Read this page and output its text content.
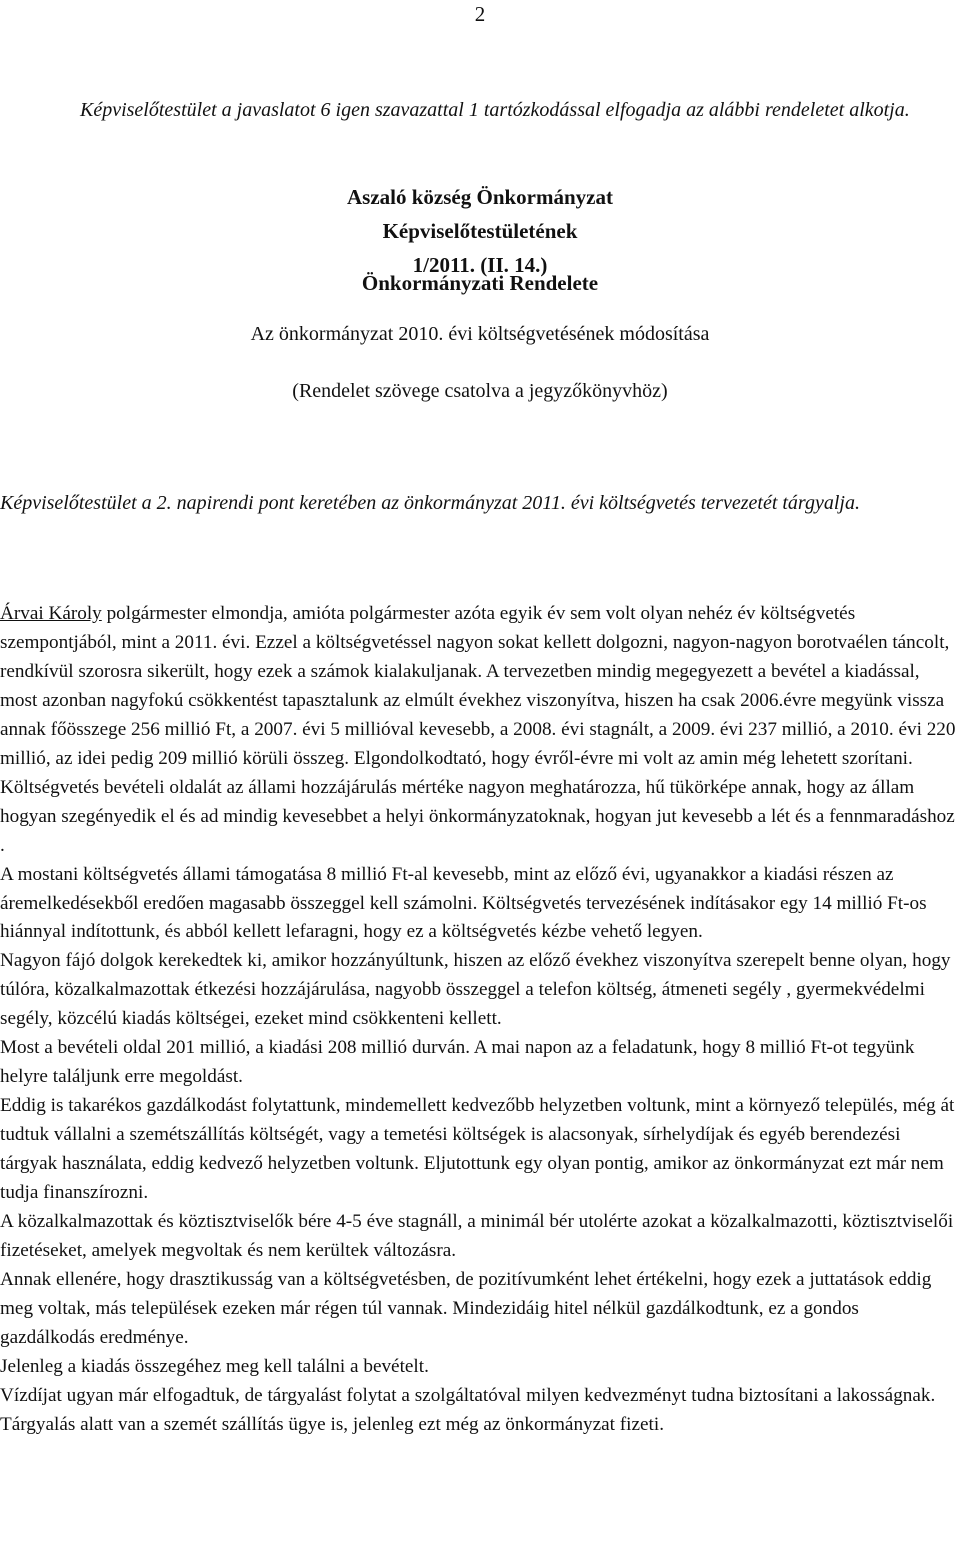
2
Képviselőtestület a javaslatot 6 igen szavazattal 1 tartózkodással elfogadja az alábbi rendeletet alkotja.
Aszaló község Önkormányzat
Képviselőtestületének
1/2011. (II. 14.)
Önkormányzati Rendelete
Az önkormányzat 2010. évi költségvetésének módosítása
(Rendelet szövege csatolva a jegyzőkönyvhöz)
Képviselőtestület a 2. napirendi pont keretében az önkormányzat 2011. évi költségvetés tervezetét tárgyalja.

Árvai Károly polgármester elmondja, amióta polgármester azóta egyik év sem volt olyan nehéz év költségvetés szempontjából, mint a 2011. évi. Ezzel a költségvetéssel nagyon sokat kellett dolgozni, nagyon-nagyon borotvaélen táncolt, rendkívül szorosra sikerült, hogy ezek a számok kialakuljanak. A tervezetben mindig megegyezett a bevétel a kiadással, most azonban nagyfokú csökkentést tapasztalunk az elmúlt évekhez viszonyítva, hiszen ha csak 2006.évre megyünk vissza annak főösszege 256 millió Ft, a 2007. évi 5 millióval kevesebb, a 2008. évi stagnált, a 2009. évi 237 millió, a 2010. évi 220 millió, az idei pedig 209 millió körüli összeg. Elgondolkodtató, hogy évről-évre mi volt az amin még lehetett szorítani.

Költségvetés bevételi oldalát az állami hozzájárulás mértéke nagyon meghatározza, hű tükörképe annak, hogy az állam hogyan szegényedik el és ad mindig kevesebbet a helyi önkormányzatoknak, hogyan jut kevesebb a lét és a fennmaradáshoz .

A mostani költségvetés állami támogatása 8 millió Ft-al kevesebb, mint az előző évi, ugyanakkor a kiadási részen az áremelkedésekből eredően magasabb összeggel kell számolni. Költségvetés tervezésének indításakor egy 14 millió Ft-os hiánnyal indítottunk, és abból kellett lefaragni, hogy ez a költségvetés kézbe vehető legyen.

Nagyon fájó dolgok kerekedtek ki, amikor hozzányúltunk, hiszen az előző évekhez viszonyítva szerepelt benne olyan, hogy túlóra, közalkalmazottak étkezési hozzájárulása, nagyobb összeggel a telefon költség, átmeneti segély , gyermekvédelmi segély, közcélú kiadás költségei, ezeket mind csökkenteni kellett.

Most a bevételi oldal 201 millió, a kiadási 208 millió durván. A mai napon az a feladatunk, hogy 8 millió Ft-ot tegyünk helyre találjunk erre megoldást.

Eddig is takarékos gazdálkodást folytattunk, mindemellett kedvezőbb helyzetben voltunk, mint a környező település, még át tudtuk vállalni a szemétszállítás költségét, vagy a temetési költségek is alacsonyak, sírhelydíjak és egyéb berendezési tárgyak használata, eddig kedvező helyzetben voltunk. Eljutottunk egy olyan pontig, amikor az önkormányzat ezt már nem tudja finanszírozni.

A közalkalmazottak és köztisztviselők bére 4-5 éve stagnáll, a minimál bér utolérte azokat a közalkalmazotti, köztisztviselői fizetéseket, amelyek megvoltak és nem kerültek változásra.

Annak ellenére, hogy drasztikusság van a költségvetésben, de pozitívumként lehet értékelni, hogy ezek a juttatások eddig meg voltak, más települések ezeken már régen túl vannak. Mindezidáig hitel nélkül gazdálkodtunk, ez a gondos gazdálkodás eredménye.

Jelenleg a kiadás összegéhez meg kell találni a bevételt.

Vízdíjat ugyan már elfogadtuk, de tárgyalást folytat a szolgáltatóval milyen kedvezményt tudna biztosítani a lakosságnak. Tárgyalás alatt van a szemét szállítás ügye is, jelenleg ezt még az önkormányzat fizeti.
